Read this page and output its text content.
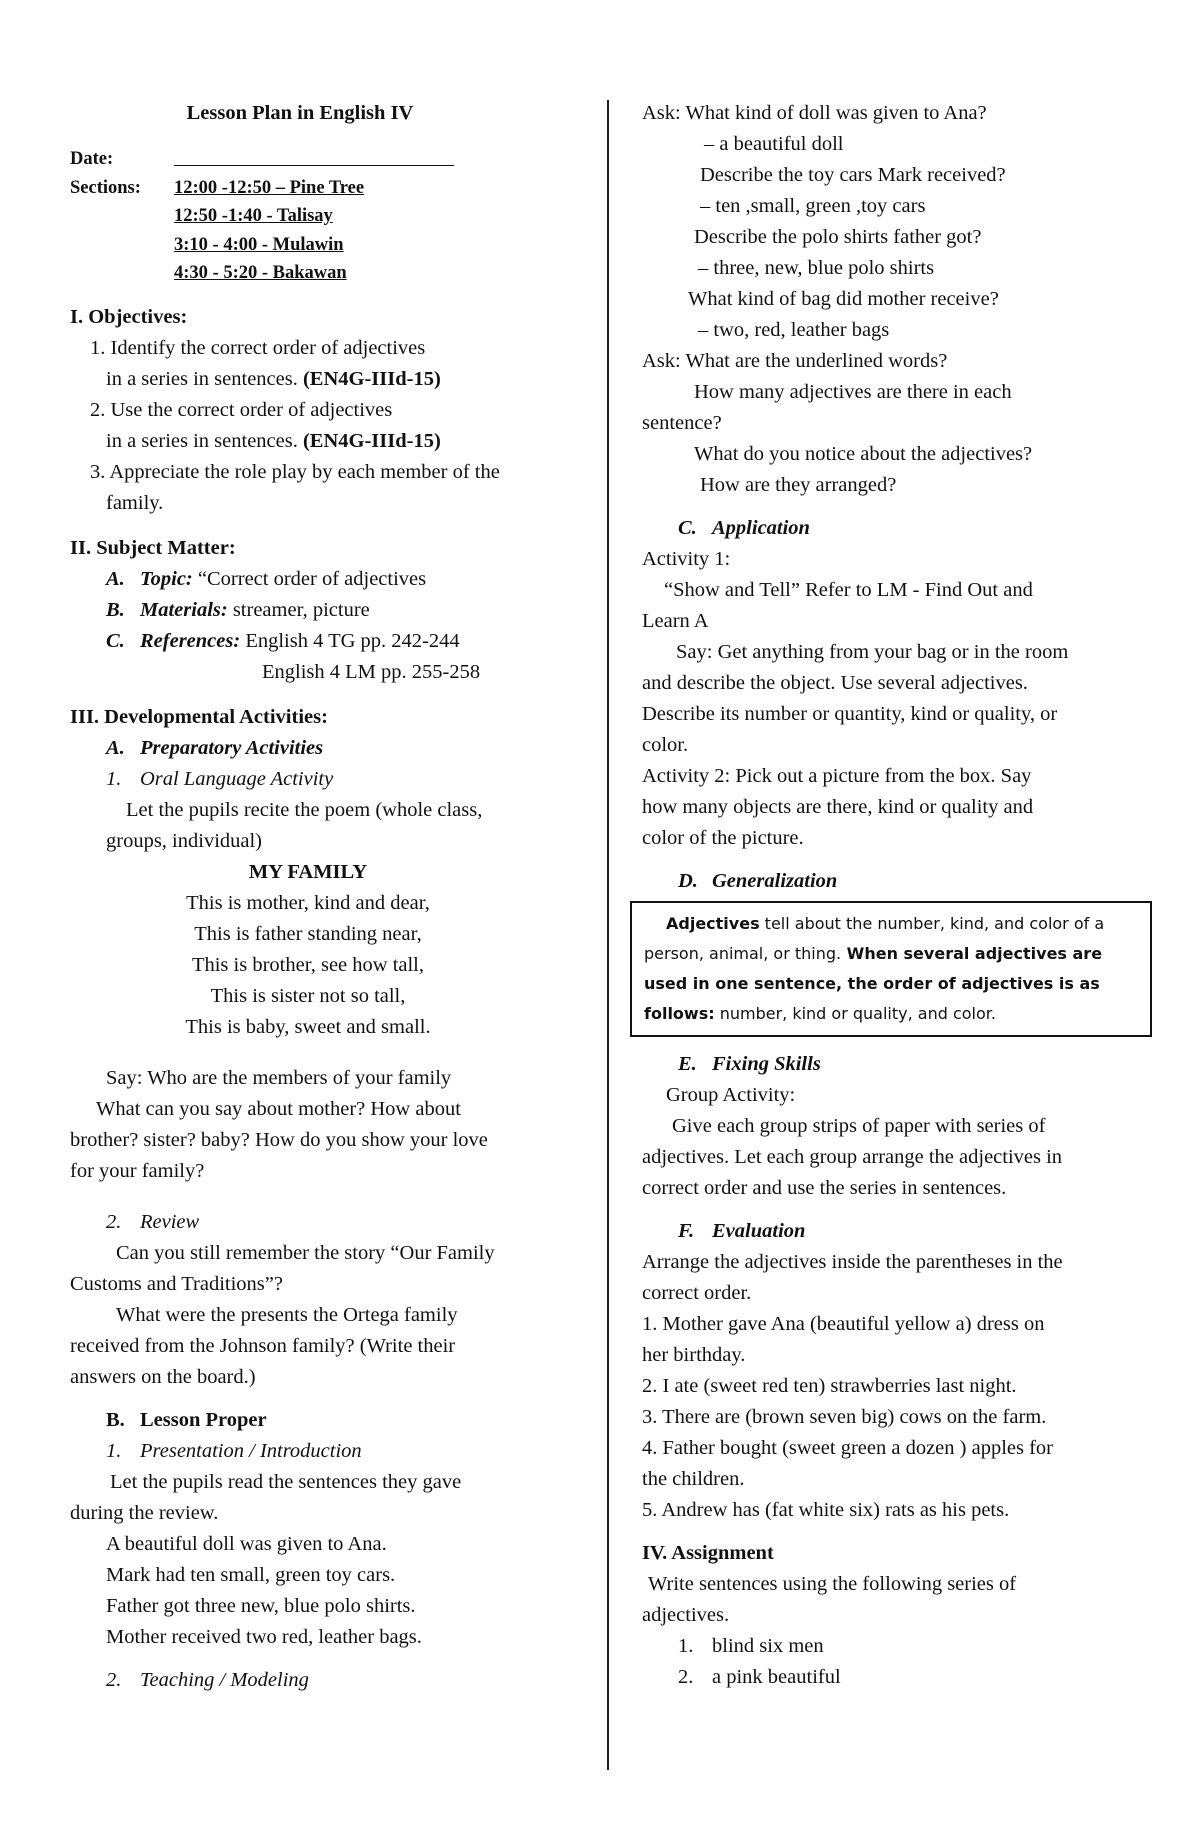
Lesson Plan in English IV
Date:
Sections:	12:00 -12:50 – Pine Tree
12:50 -1:40 - Talisay
3:10 - 4:00 - Mulawin
4:30 - 5:20 - Bakawan
I. Objectives:
1. Identify the correct order of adjectives
in a series in sentences. (EN4G-IIId-15)
2. Use the correct order of adjectives
in a series in sentences. (EN4G-IIId-15)
3. Appreciate the role play by each member of the
family.
II. Subject Matter:
A. Topic: “Correct order of adjectives
B. Materials: streamer, picture
C. References: English 4 TG pp. 242-244
English 4 LM pp. 255-258
III. Developmental Activities:
A. Preparatory Activities
1. Oral Language Activity
Let the pupils recite the poem (whole class,
groups, individual)
MY FAMILY
This is mother, kind and dear,
This is father standing near,
This is brother, see how tall,
This is sister not so tall,
This is baby, sweet and small.
Say: Who are the members of your family
What can you say about mother? How about
brother? sister? baby? How do you show your love
for your family?
2. Review
Can you still remember the story “Our Family
Customs and Traditions”?
What were the presents the Ortega family
received from the Johnson family? (Write their
answers on the board.)
B. Lesson Proper
1. Presentation / Introduction
Let the pupils read the sentences they gave
during the review.
A beautiful doll was given to Ana.
Mark had ten small, green toy cars.
Father got three new, blue polo shirts.
Mother received two red, leather bags.
2. Teaching / Modeling
Ask: What kind of doll was given to Ana?
– a beautiful doll
Describe the toy cars Mark received?
– ten ,small, green ,toy cars
Describe the polo shirts father got?
– three, new, blue polo shirts
What kind of bag did mother receive?
– two, red, leather bags
Ask: What are the underlined words?
How many adjectives are there in each
sentence?
What do you notice about the adjectives?
How are they arranged?
C. Application
Activity 1:
“Show and Tell” Refer to LM - Find Out and
Learn A
Say: Get anything from your bag or in the room
and describe the object. Use several adjectives.
Describe its number or quantity, kind or quality, or
color.
Activity 2: Pick out a picture from the box. Say
how many objects are there, kind or quality and
color of the picture.
D. Generalization
Adjectives tell about the number, kind, and color of a
person, animal, or thing. When several adjectives are
used in one sentence, the order of adjectives is as
follows: number, kind or quality, and color.
E. Fixing Skills
Group Activity:
Give each group strips of paper with series of
adjectives. Let each group arrange the adjectives in
correct order and use the series in sentences.
F. Evaluation
Arrange the adjectives inside the parentheses in the
correct order.
1. Mother gave Ana (beautiful yellow a) dress on
her birthday.
2. I ate (sweet red ten) strawberries last night.
3. There are (brown seven big) cows on the farm.
4. Father bought (sweet green a dozen ) apples for
the children.
5. Andrew has (fat white six) rats as his pets.
IV. Assignment
Write sentences using the following series of
adjectives.
1. blind six men
2. a pink beautiful
